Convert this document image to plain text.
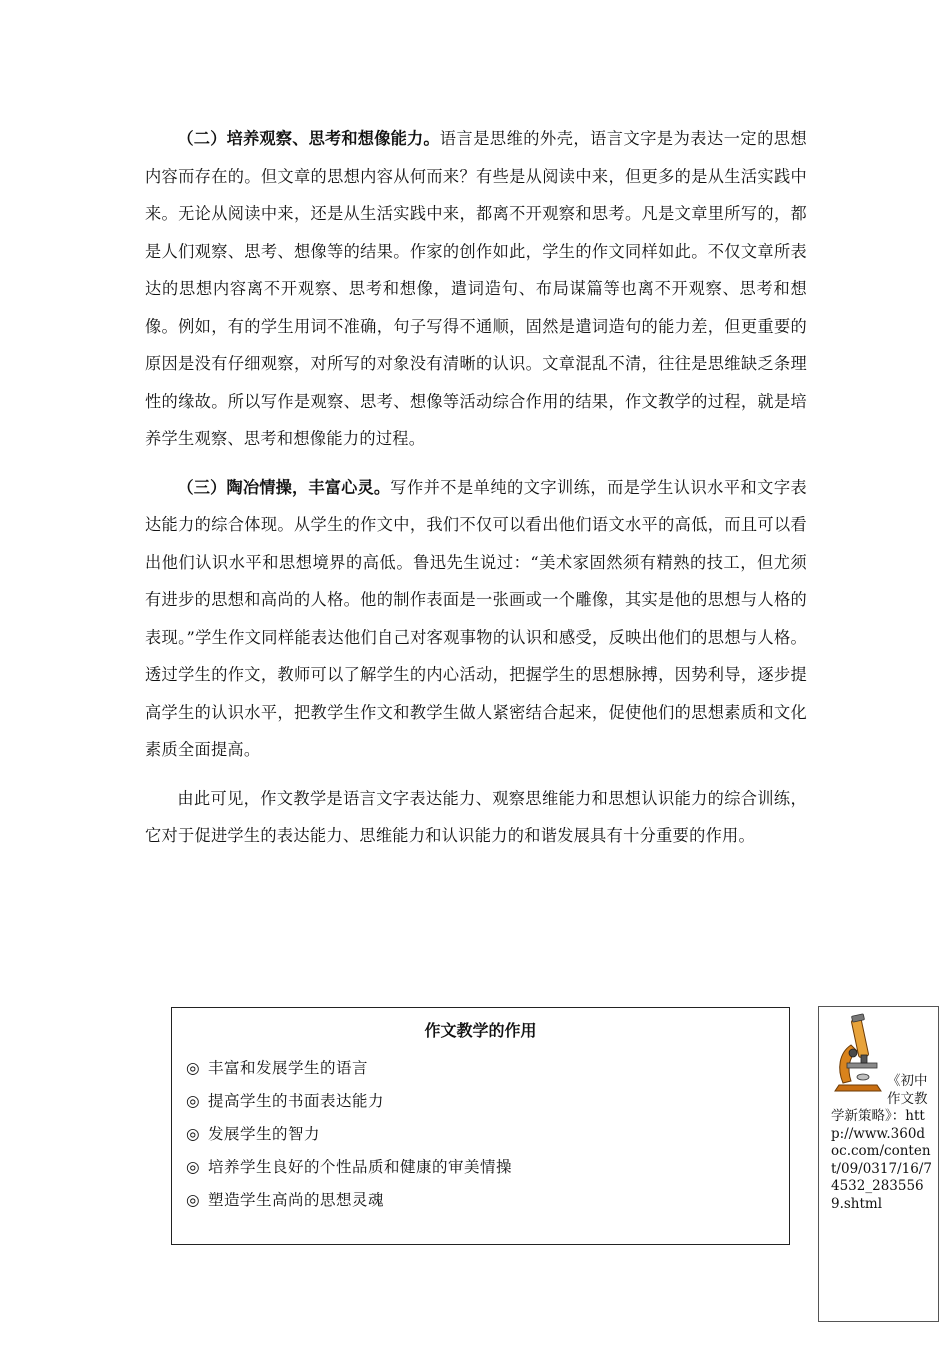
（二）培养观察、思考和想像能力。语言是思维的外壳，语言文字是为表达一定的思想内容而存在的。但文章的思想内容从何而来？有些是从阅读中来，但更多的是从生活实践中来。无论从阅读中来，还是从生活实践中来，都离不开观察和思考。凡是文章里所写的，都是人们观察、思考、想像等的结果。作家的创作如此，学生的作文同样如此。不仅文章所表达的思想内容离不开观察、思考和想像，遣词造句、布局谋篇等也离不开观察、思考和想像。例如，有的学生用词不准确，句子写得不通顺，固然是遣词造句的能力差，但更重要的原因是没有仔细观察，对所写的对象没有清晰的认识。文章混乱不清，往往是思维缺乏条理性的缘故。所以写作是观察、思考、想像等活动综合作用的结果，作文教学的过程，就是培养学生观察、思考和想像能力的过程。

（三）陶冶情操，丰富心灵。写作并不是单纯的文字训练，而是学生认识水平和文字表达能力的综合体现。从学生的作文中，我们不仅可以看出他们语文水平的高低，而且可以看出他们认识水平和思想境界的高低。鲁迅先生说过：“美术家固然须有精熟的技工，但尤须有进步的思想和高尚的人格。他的制作表面是一张画或一个雕像，其实是他的思想与人格的表现。”学生作文同样能表达他们自己对客观事物的认识和感受，反映出他们的思想与人格。透过学生的作文，教师可以了解学生的内心活动，把握学生的思想脉搏，因势利导，逐步提高学生的认识水平，把教学生作文和教学生做人紧密结合起来，促使他们的思想素质和文化素质全面提高。

由此可见，作文教学是语言文字表达能力、观察思维能力和思想认识能力的综合训练，它对于促进学生的表达能力、思维能力和认识能力的和谐发展具有十分重要的作用。

作文教学的作用
◎ 丰富和发展学生的语言
◎ 提高学生的书面表达能力
◎ 发展学生的智力
◎ 培养学生良好的个性品质和健康的审美情操
◎ 塑造学生高尚的思想灵魂
《初中作文教学新策略》：http://www.360doc.com/content/09/0317/16/74532_2835569.shtml
